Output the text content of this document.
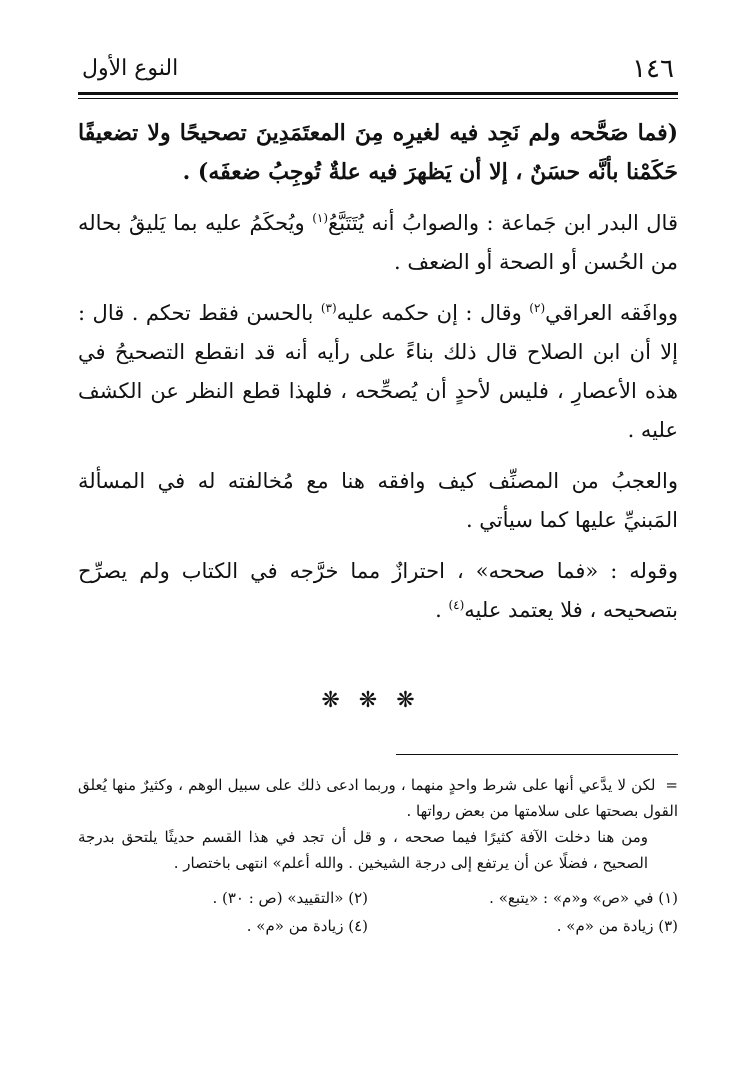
١٤٦
النوع الأول

(فما صَحَّحه ولم نَجِد فيه لغيرِه مِنَ المعتَمَدِينَ تصحيحًا ولا تضعيفًا حَكَمْنا بأنَّه حسَنٌ ، إلا أن يَظهرَ فيه علةٌ تُوجِبُ ضعفَه) .

قال البدر ابن جَماعة : والصوابُ أنه يُتَتَبَّعُ$^{(١)}$ ويُحكَمُ عليه بما يَليقُ بحاله من الحُسن أو الصحة أو الضعف .

ووافَقه العراقي$^{(٢)}$ وقال : إن حكمه عليه$^{(٣)}$ بالحسن فقط تحكم . قال : إلا أن ابن الصلاح قال ذلك بناءً على رأيه أنه قد انقطع التصحيحُ في هذه الأعصارِ ، فليس لأحدٍ أن يُصحِّحه ، فلهذا قطع النظر عن الكشف عليه .

والعجبُ من المصنِّف كيف وافقه هنا مع مُخالفته له في المسألة المَبنيِّ عليها كما سيأتي .

وقوله : «فما صححه» ، احترازٌ مما خرَّجه في الكتاب ولم يصرِّح بتصحيحه ، فلا يعتمد عليه$^{(٤)}$ .

❋ ❋ ❋

=لكن لا يدَّعي أنها على شرط واحدٍ منهما ، وربما ادعى ذلك على سبيل الوهم ، وكثيرٌ منها يُعلق القول بصحتها على سلامتها من بعض رواتها .

ومن هنا دخلت الآفة كثيرًا فيما صححه ، و قل أن تجد في هذا القسم حديثًا يلتحق بدرجة الصحيح ، فضلًا عن أن يرتفع إلى درجة الشيخين . والله أعلم» انتهى باختصار .

(١) في «ص» و«م» : «يتبع» .
(٢) «التقييد» (ص : ٣٠) .
(٣) زيادة من «م» .
(٤) زيادة من «م» .
